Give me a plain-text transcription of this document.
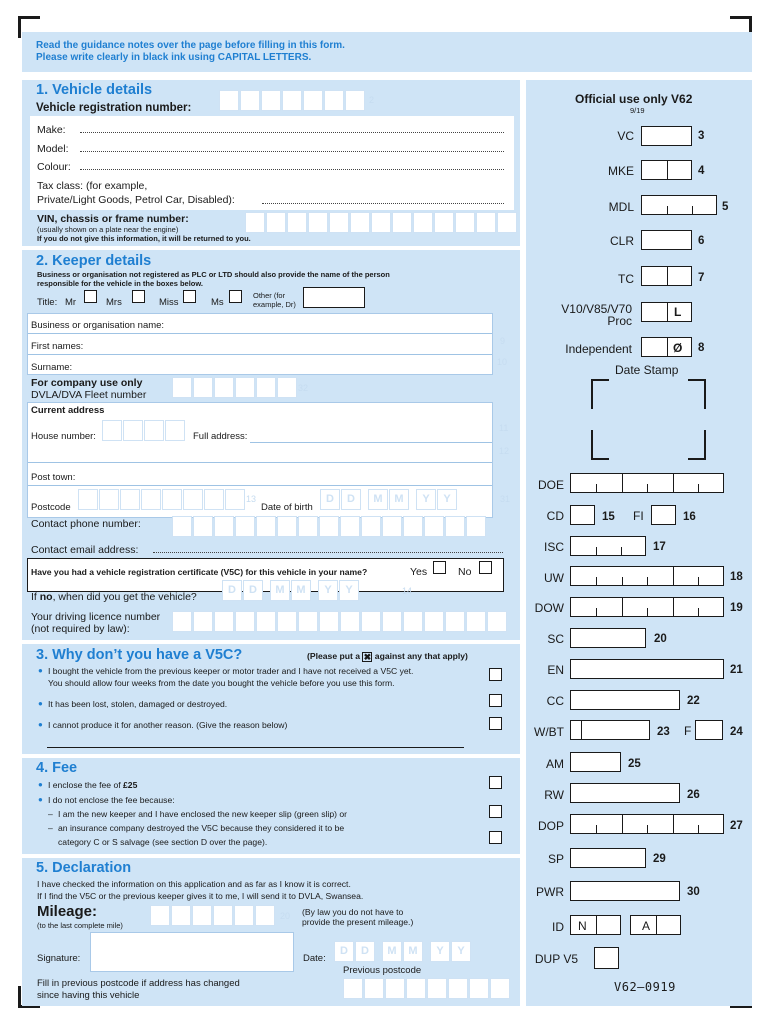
Read the guidance notes over the page before filling in this form.
Please write clearly in black ink using CAPITAL LETTERS.
1. Vehicle details
Vehicle registration number:
2
Make:
Model:
Colour:
Tax class: (for example,
Private/Light Goods, Petrol Car, Disabled):
VIN, chassis or frame number:
(usually shown on a plate near the engine)
If you do not give this information, it will be returned to you.
2. Keeper details
Business or organisation not registered as PLC or LTD should also provide the name of the person
responsible for the vehicle in the boxes below.
Title: Mr	Mrs	Miss	Ms
Other (for
example, Dr)
Business or organisation name:
First names:	9
Surname:	10
For company use only
DVLA/DVA Fleet number
32
Current address
House number:	Full address:
11
12
Post town:
Postcode
13
Date of birth
D	D	M	M	Y	Y	31
Contact phone number:
Contact email address:
Have you had a vehicle registration certificate (V5C) for this vehicle in your name?	Yes	No
If no, when did you get the vehicle?
D	D	M	M	Y	Y	14
Your driving licence number
(not required by law):
3. Why don’t you have a V5C?	(Please put a ✖ against any that apply)
● I bought the vehicle from the previous keeper or motor trader and I have not received a V5C yet.
You should allow four weeks from the date you bought the vehicle before you use this form.
● It has been lost, stolen, damaged or destroyed.
● I cannot produce it for another reason. (Give the reason below)
4. Fee
● I enclose the fee of £25
● I do not enclose the fee because:
– I am the new keeper and I have enclosed the new keeper slip (green slip) or
– an insurance company destroyed the V5C because they considered it to be
category C or S salvage (see section D over the page).
5. Declaration
I have checked the information on this application and as far as I know it is correct.
If I find the V5C or the previous keeper gives it to me, I will send it to DVLA, Swansea.
Mileage:
(to the last complete mile)
20 (By law you do not have to
provide the present mileage.)
Signature:	Date:
D	D	M	M	Y	Y
Previous postcode
Fill in previous postcode if address has changed
since having this vehicle
Official use only V62
9/19
VC	3
MKE	4
MDL	5
CLR	6
TC	7
V10/V85/V70
Proc
L
Independent	Ø 8
Date Stamp
DOE
CD	15 FI	16
ISC	17
UW	18
DOW	19
SC	20
EN	21
CC	22
W/BT	23 F	24
AM	25
RW	26
DOP	27
SP	29
PWR	30
ID N	A
DUP V5
V62–0919
